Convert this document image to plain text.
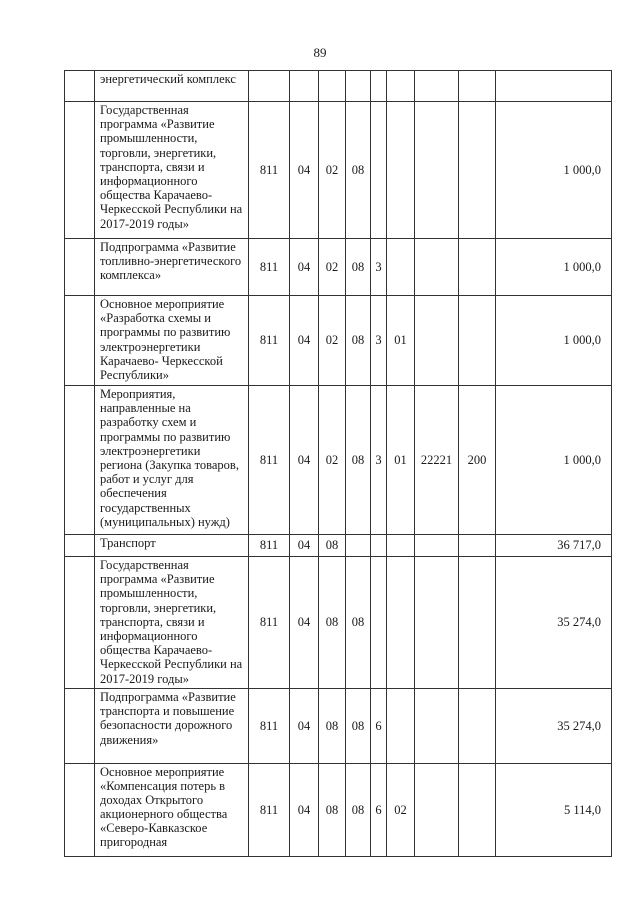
89
	энергетический комплекс									
	Государственная программа «Развитие промышленности, торговли, энергетики, транспорта, связи и информационного общества Карачаево-Черкесской Республики на 2017-2019 годы»	811	04	02	08					1 000,0
	Подпрограмма «Развитие топливно-энергетического комплекса»	811	04	02	08	3				1 000,0
	Основное мероприятие «Разработка схемы и программы по развитию электроэнергетики Карачаево- Черкесской Республики»	811	04	02	08	3	01			1 000,0
	Мероприятия, направленные на разработку схем и программы по развитию электроэнергетики региона (Закупка товаров, работ и услуг для обеспечения государственных (муниципальных) нужд)	811	04	02	08	3	01	22221	200	1 000,0
	Транспорт	811	04	08						36 717,0
	Государственная программа «Развитие промышленности, торговли, энергетики, транспорта, связи и информационного общества Карачаево-Черкесской Республики на 2017-2019 годы»	811	04	08	08					35 274,0
	Подпрограмма «Развитие транспорта и повышение безопасности дорожного движения»	811	04	08	08	6				35 274,0
	Основное мероприятие «Компенсация потерь в доходах Открытого акционерного общества «Северо-Кавказское пригородная	811	04	08	08	6	02			5 114,0
